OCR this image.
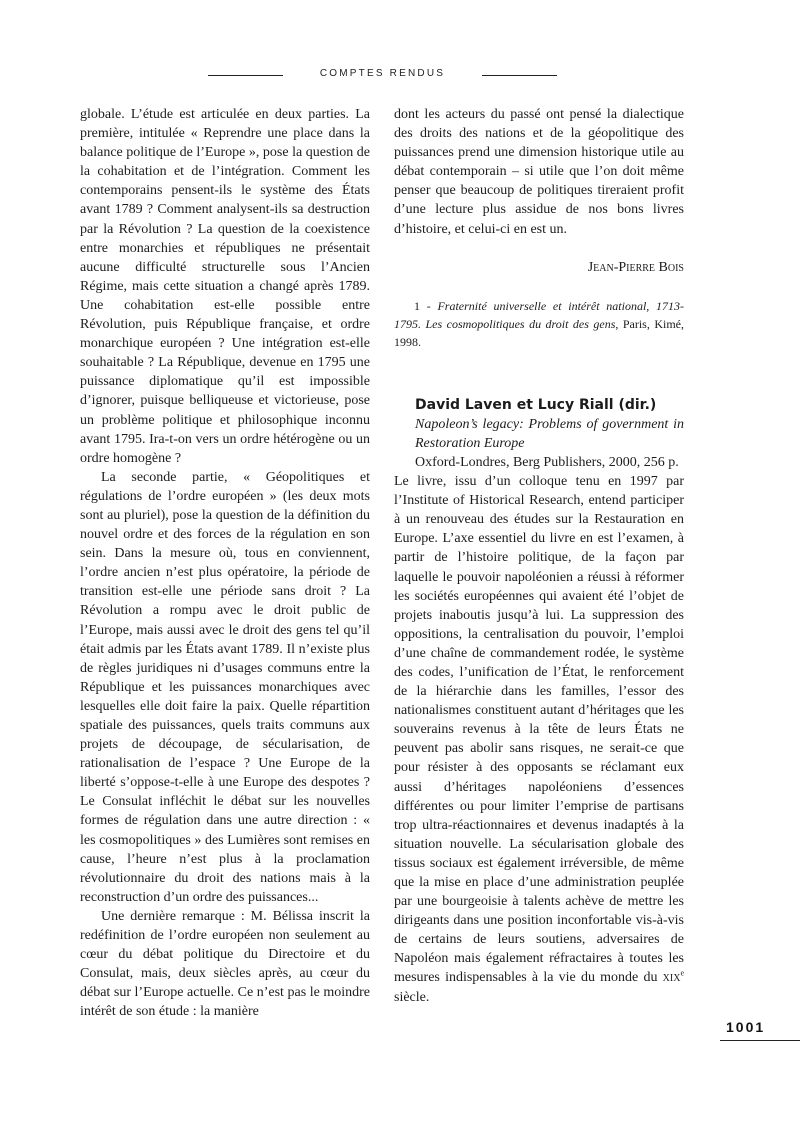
COMPTES RENDUS

globale. L’étude est articulée en deux parties. La première, intitulée « Reprendre une place dans la balance politique de l’Europe », pose la question de la cohabitation et de l’intégration. Comment les contemporains pensent-ils le système des États avant 1789 ? Comment analysent-ils sa destruction par la Révolution ? La question de la coexistence entre monarchies et républiques ne présentait aucune difficulté structurelle sous l’Ancien Régime, mais cette situation a changé après 1789. Une cohabitation est-elle possible entre Révolution, puis République française, et ordre monarchique européen ? Une intégration est-elle souhaitable ? La République, devenue en 1795 une puissance diplomatique qu’il est impossible d’ignorer, puisque belliqueuse et victorieuse, pose un problème politique et philosophique inconnu avant 1795. Ira-t-on vers un ordre hétérogène ou un ordre homogène ?

La seconde partie, « Géopolitiques et régulations de l’ordre européen » (les deux mots sont au pluriel), pose la question de la définition du nouvel ordre et des forces de la régulation en son sein. Dans la mesure où, tous en conviennent, l’ordre ancien n’est plus opératoire, la période de transition est-elle une période sans droit ? La Révolution a rompu avec le droit public de l’Europe, mais aussi avec le droit des gens tel qu’il était admis par les États avant 1789. Il n’existe plus de règles juridiques ni d’usages communs entre la République et les puissances monarchiques avec lesquelles elle doit faire la paix. Quelle répartition spatiale des puissances, quels traits communs aux projets de découpage, de sécularisation, de rationalisation de l’espace ? Une Europe de la liberté s’oppose-t-elle à une Europe des despotes ? Le Consulat infléchit le débat sur les nouvelles formes de régulation dans une autre direction : « les cosmopolitiques » des Lumières sont remises en cause, l’heure n’est plus à la proclamation révolutionnaire du droit des nations mais à la reconstruction d’un ordre des puissances...

Une dernière remarque : M. Bélissa inscrit la redéfinition de l’ordre européen non seulement au cœur du débat politique du Directoire et du Consulat, mais, deux siècles après, au cœur du débat sur l’Europe actuelle. Ce n’est pas le moindre intérêt de son étude : la manière

dont les acteurs du passé ont pensé la dialectique des droits des nations et de la géopolitique des puissances prend une dimension historique utile au débat contemporain – si utile que l’on doit même penser que beaucoup de politiques tireraient profit d’une lecture plus assidue de nos bons livres d’histoire, et celui-ci en est un.

Jean-Pierre Bois
1 - Fraternité universelle et intérêt national, 1713-1795. Les cosmopolitiques du droit des gens, Paris, Kimé, 1998.
David Laven et Lucy Riall (dir.)
Napoleon’s legacy: Problems of government in Restoration Europe
Oxford-Londres, Berg Publishers, 2000, 256 p.

Le livre, issu d’un colloque tenu en 1997 par l’Institute of Historical Research, entend participer à un renouveau des études sur la Restauration en Europe. L’axe essentiel du livre en est l’examen, à partir de l’histoire politique, de la façon par laquelle le pouvoir napoléonien a réussi à réformer les sociétés européennes qui avaient été l’objet de projets inaboutis jusqu’à lui. La suppression des oppositions, la centralisation du pouvoir, l’emploi d’une chaîne de commandement rodée, le système des codes, l’unification de l’État, le renforcement de la hiérarchie dans les familles, l’essor des nationalismes constituent autant d’héritages que les souverains revenus à la tête de leurs États ne peuvent pas abolir sans risques, ne serait-ce que pour résister à des opposants se réclamant eux aussi d’héritages napoléoniens d’essences différentes ou pour limiter l’emprise de partisans trop ultra-réactionnaires et devenus inadaptés à la situation nouvelle. La sécularisation globale des tissus sociaux est également irréversible, de même que la mise en place d’une administration peuplée par une bourgeoisie à talents achève de mettre les dirigeants dans une position inconfortable vis-à-vis de certains de leurs soutiens, adversaires de Napoléon mais également réfractaires à toutes les mesures indispensables à la vie du monde du xix$^e$ siècle.

1001
